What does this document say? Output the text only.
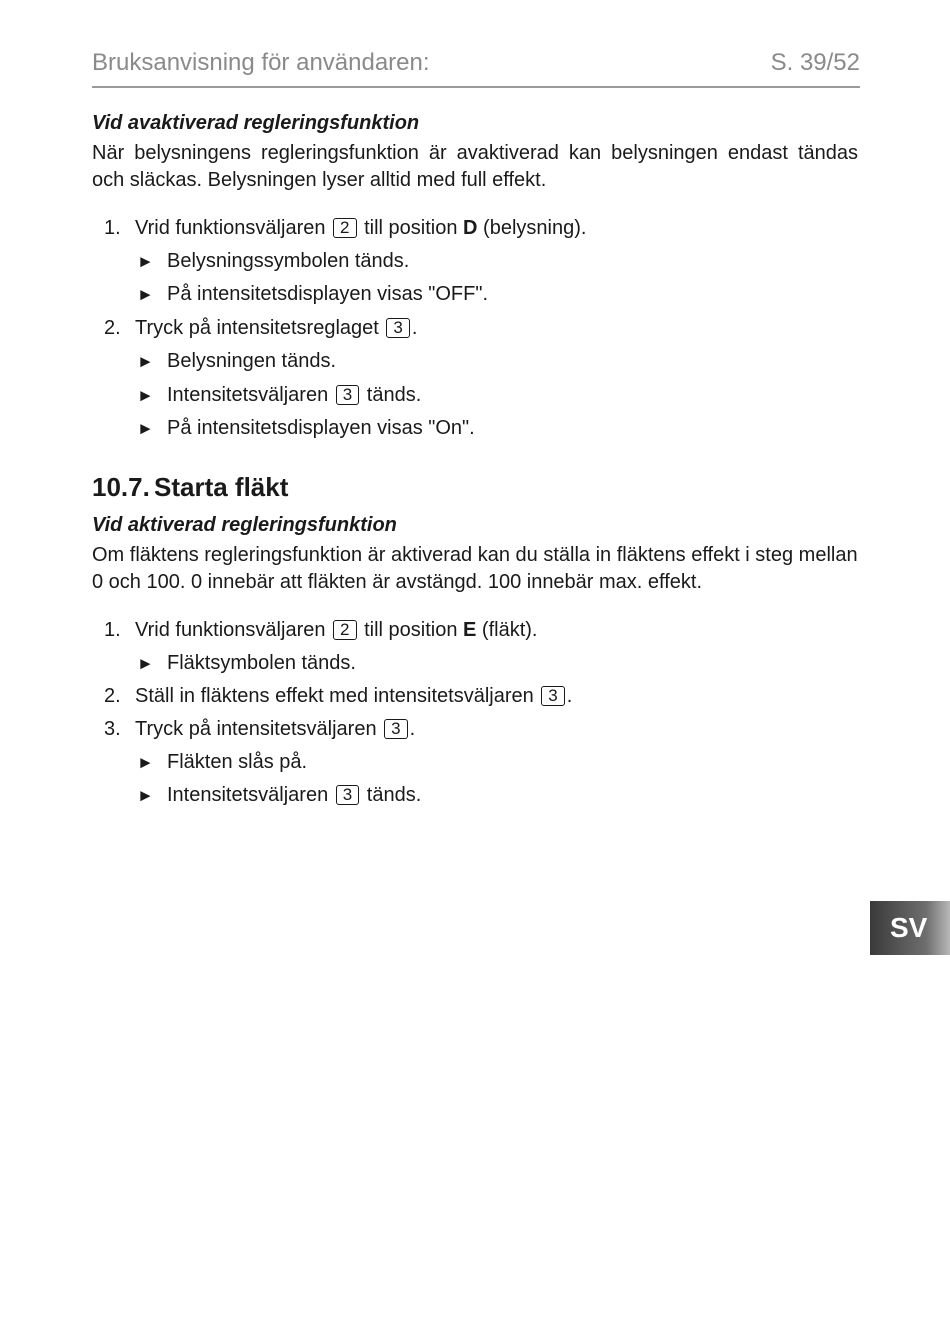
Bruksanvisning för användaren:	S. 39/52

Vid avaktiverad regleringsfunktion

När belysningens regleringsfunktion är avaktiverad kan belysningen endast tändas och släckas. Belysningen lyser alltid med full effekt.

1. Vrid funktionsväljaren 2 till position D (belysning).
► Belysningssymbolen tänds.
► På intensitetsdisplayen visas "OFF".
2. Tryck på intensitetsreglaget 3 .
► Belysningen tänds.
► Intensitetsväljaren 3 tänds.
► På intensitetsdisplayen visas "On".
10.7. Starta fläkt

Vid aktiverad regleringsfunktion

Om fläktens regleringsfunktion är aktiverad kan du ställa in fläktens effekt i steg mellan 0 och 100. 0 innebär att fläkten är avstängd. 100 innebär max. effekt.

1. Vrid funktionsväljaren 2 till position E (fläkt).
► Fläktsymbolen tänds.
2. Ställ in fläktens effekt med intensitetsväljaren 3 .
3. Tryck på intensitetsväljaren 3 .
► Fläkten slås på.
► Intensitetsväljaren 3 tänds.
SV
